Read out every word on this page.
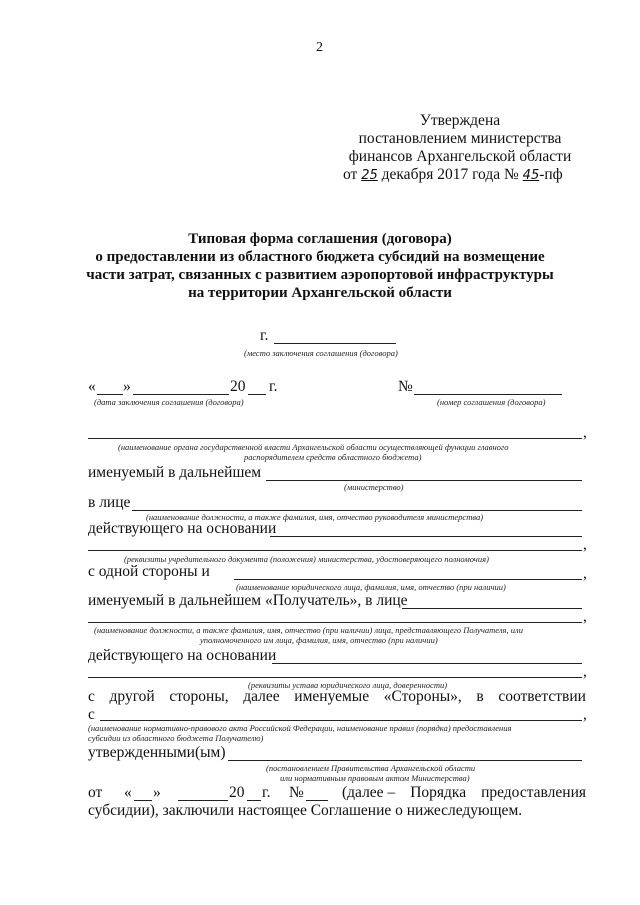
2
Утверждена
постановлением министерства
финансов Архангельской области
от 25 декабря 2017 года № 45-пф
Типовая форма соглашения (договора)
о предоставлении из областного бюджета субсидий на возмещение
части затрат, связанных с развитием аэропортовой инфраструктуры
на территории Архангельской области
г.
(место заключения соглашения (договора)
« »	20 г.
(дата заключения соглашения (договора)
№
(номер соглашения (договора)
,
(наименование органа государственной власти Архангельской области осуществляющей функции главного
распорядителем средств областного бюджета)
именуемый в дальнейшем
(министерство)
в лице
(наименование должности, а также фамилия, имя, отчество руководителя министерства)
действующего на основании
,
(реквизиты учредительного документа (положения) министерства, удостоверяющего полномочия)
с одной стороны и	,
(наименование юридического лица, фамилия, имя, отчество (при наличии)
именуемый в дальнейшем «Получатель», в лице
,
(наименование должности, а также фамилия, имя, отчество (при наличии) лица, представляющего Получателя, или
уполномоченного им лица, фамилия, имя, отчество (при наличии)
действующего на основании
,
(реквизиты устава юридического лица, доверенности)
с другой стороны, далее именуемые «Стороны», в соответствии
с	,
(наименование нормативно-правового акта Российской Федерации, наименование правил (порядка) предоставления
субсидии из областного бюджета Получателю)
утвержденными(ым)
(постановлением Правительства Архангельской области
или нормативным правовым актом Министерства)
от « »	20 г. № (далее – Порядка предоставления
субсидии), заключили настоящее Соглашение о нижеследующем.
